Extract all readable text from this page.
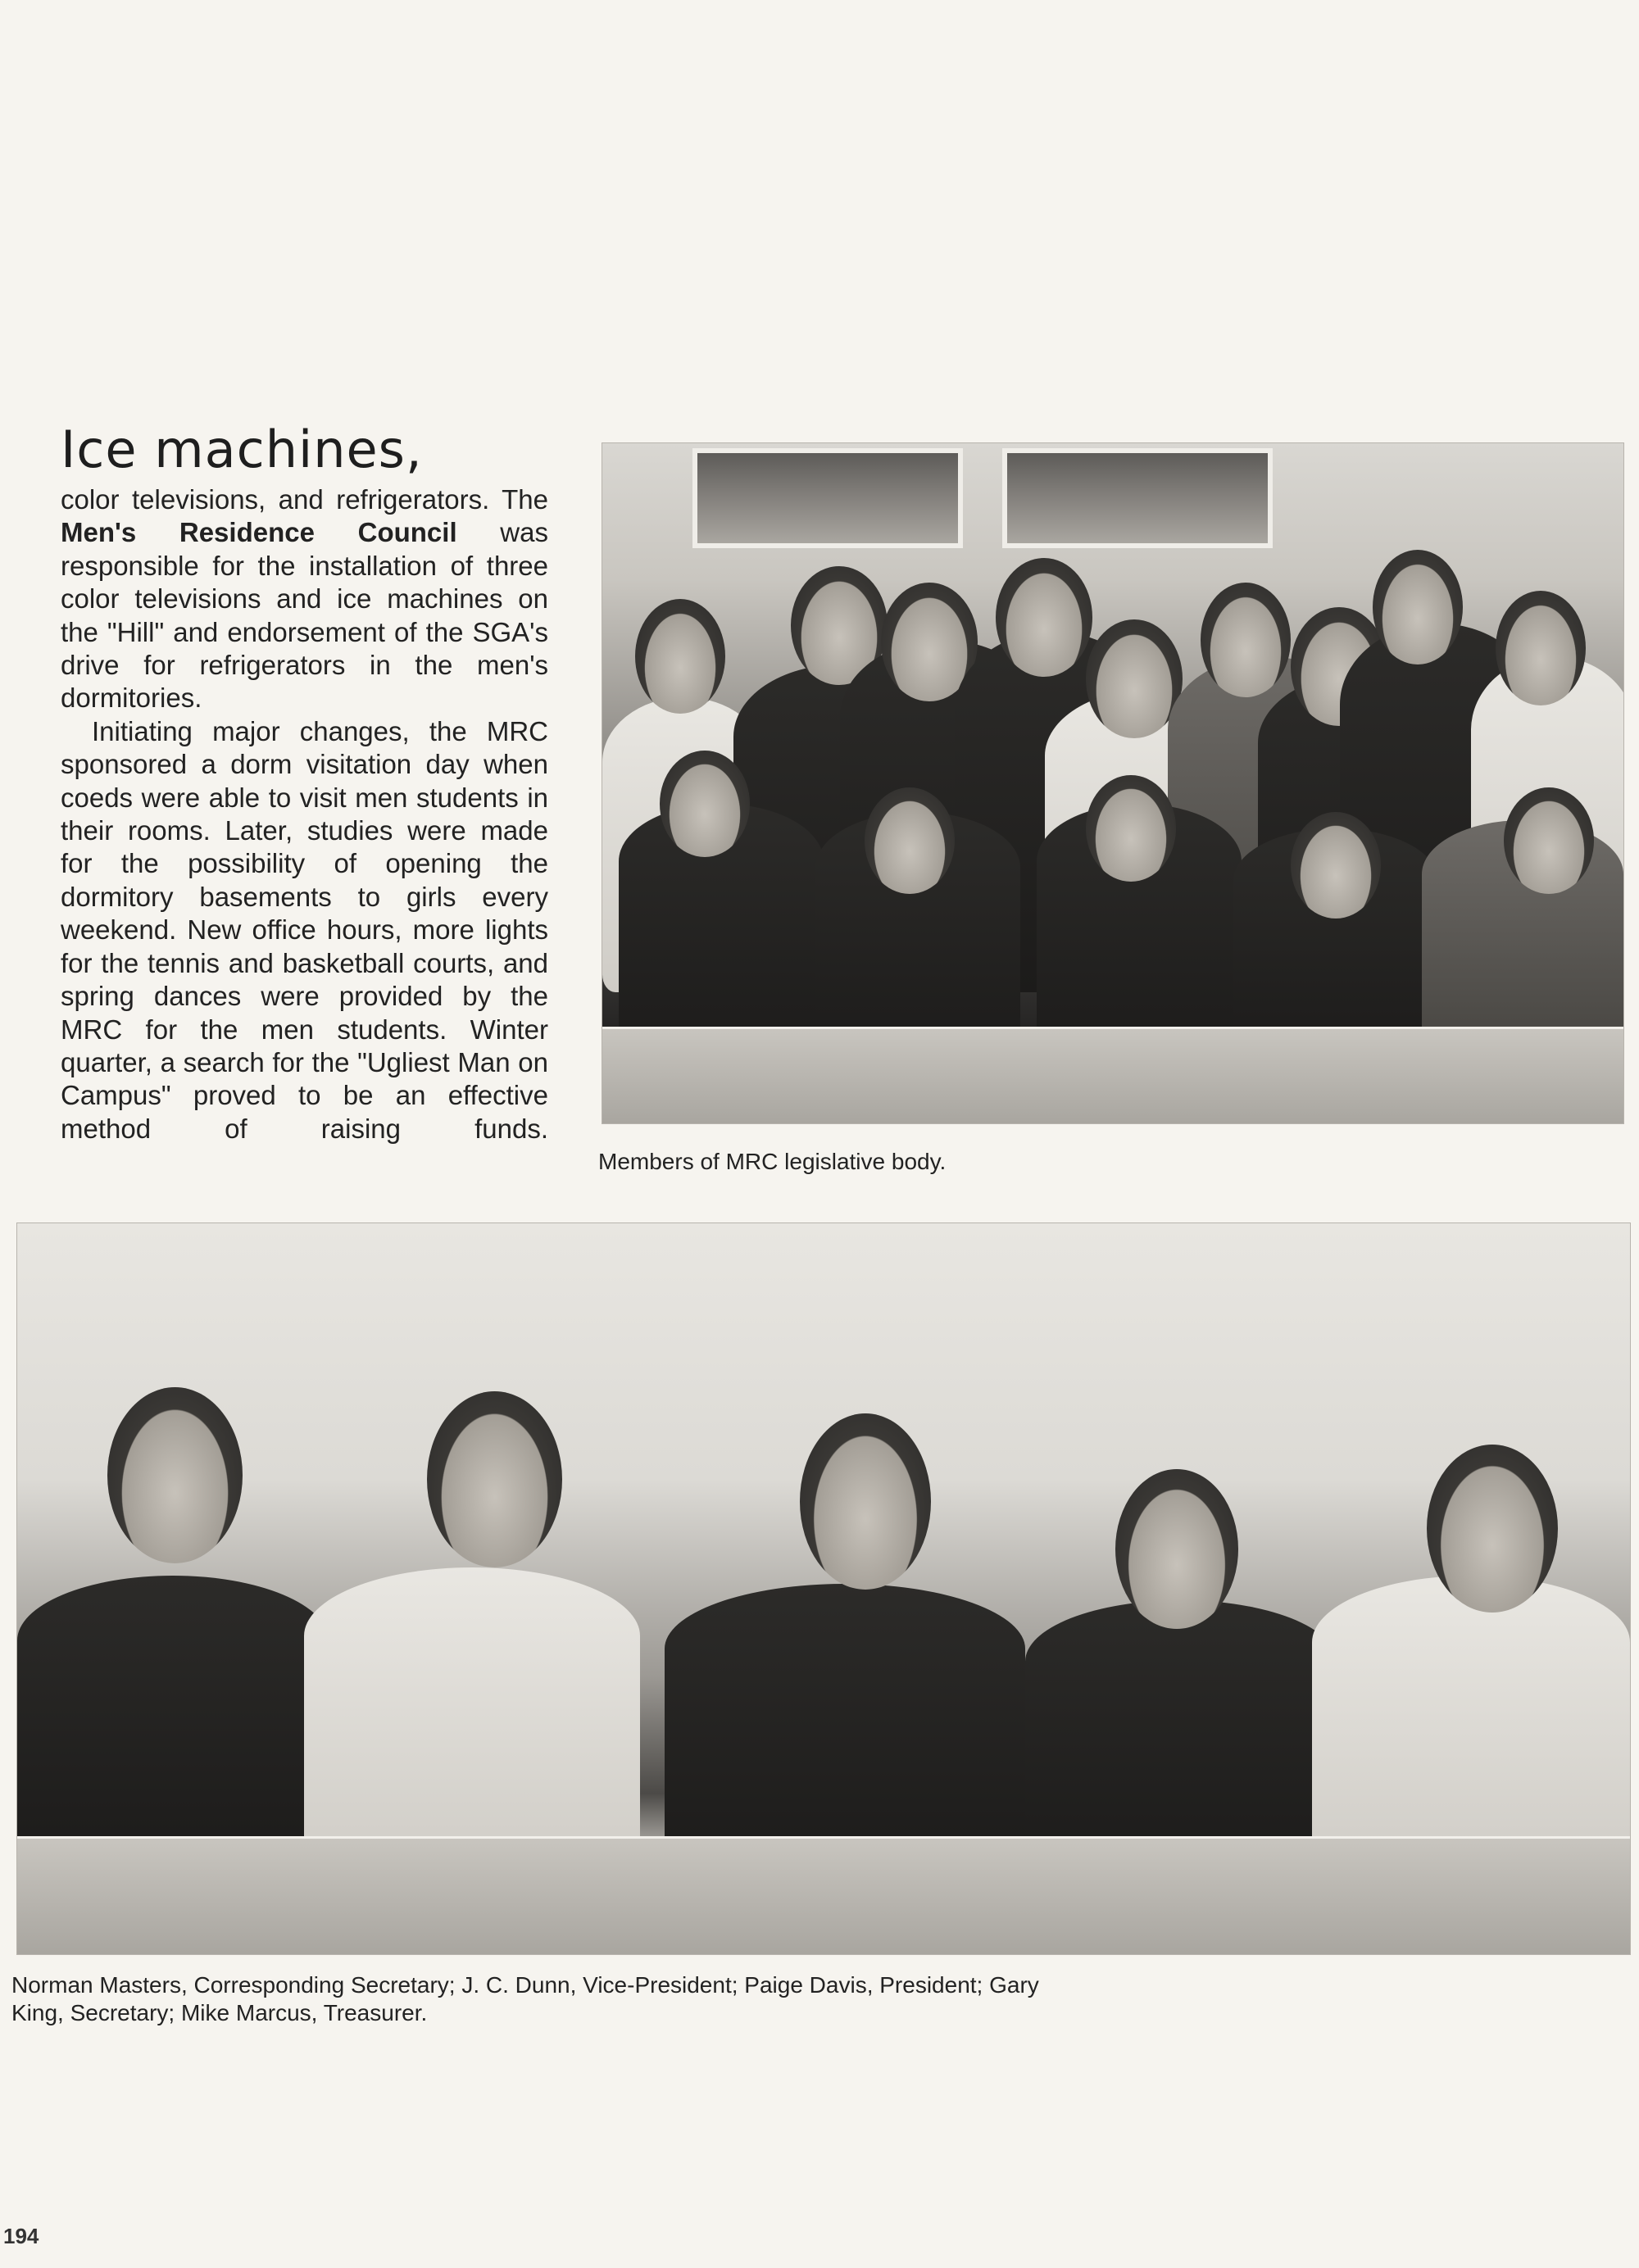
Ice machines,

color televisions, and refrigerators. The Men's Residence Council was responsible for the installation of three color televisions and ice machines on the "Hill" and endorsement of the SGA's drive for refrigerators in the men's dormitories.

Initiating major changes, the MRC sponsored a dorm visitation day when coeds were able to visit men students in their rooms. Later, studies were made for the possibility of opening the dormitory basements to girls every weekend. New office hours, more lights for the tennis and basketball courts, and spring dances were provided by the MRC for the men students. Winter quarter, a search for the "Ugliest Man on Campus" proved to be an effective method of raising funds.

Members of MRC legislative body.

Norman Masters, Corresponding Secretary; J. C. Dunn, Vice-President; Paige Davis, President; Gary King, Secretary; Mike Marcus, Treasurer.

194
